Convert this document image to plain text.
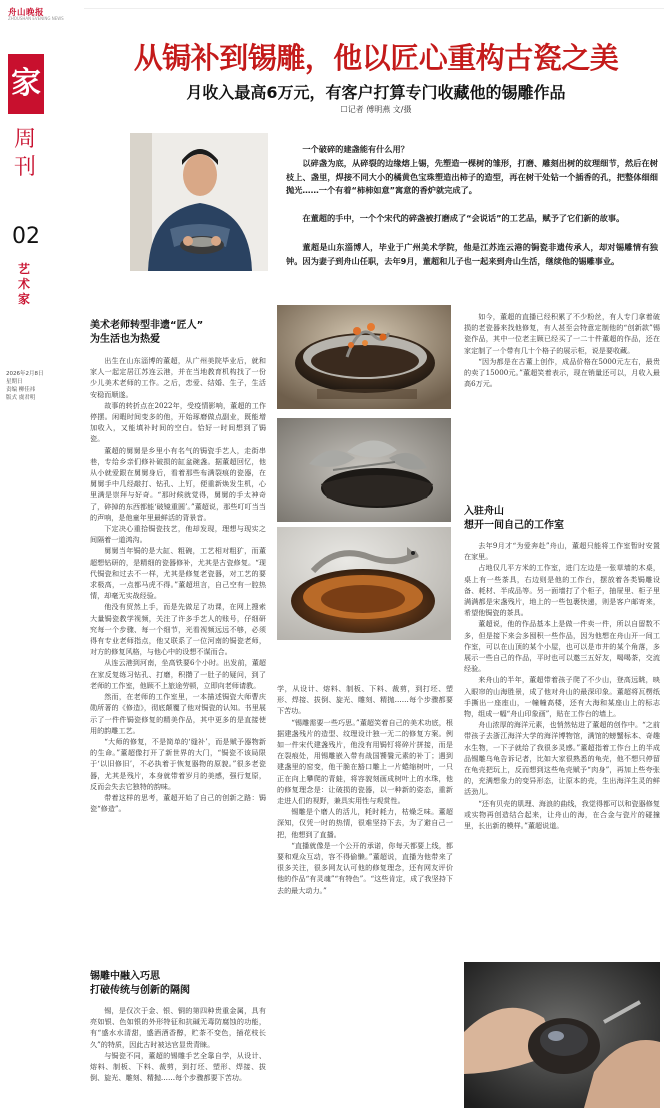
舟山晚报
ZHOUSHAN EVENING NEWS
家
周刊
02
艺术家
2026年2月8日
星期日
责编 柳佳祎
版式 虞君明
从锔补到锡雕，他以匠心重构古瓷之美
月收入最高6万元，有客户打算专门收藏他的锡雕作品
☐记者 傅明燕 文/摄
一个破碎的建盏能有什么用？
以碎盏为底，从碎裂的边缘熔上锡，先塑造一棵树的雏形，打磨、雕刻出树的纹理细节，然后在树枝上、盏里，焊接不同大小的橘黄色宝珠塑造出柿子的造型，再在树干处钻一个插香的孔，把整体细细抛光……一个有着“柿柿如意”寓意的香炉就完成了。
在董超的手中，一个个宋代的碎盏被打磨成了“会说话”的工艺品，赋予了它们新的故事。
董超是山东淄博人，毕业于广州美术学院，他是江苏连云港的锔瓷非遗传承人，却对锡雕情有独钟。因为妻子到舟山任职，去年9月，董超和儿子也一起来到舟山生活，继续他的锡雕事业。
美术老师转型非遗“匠人”
为生活也为热爱

出生在山东淄博的董超，从广州美院毕业后，就和家人一起定居江苏连云港，并在当地教育机构找了一份少儿美术老师的工作。之后，恋爱、结婚、生子，生活安稳而顺遂。

故事的转折点在2022年，受疫情影响，董超的工作停摆。闲暇时间变多的他，开始琢磨做点副业，既能增加收入，又能填补时间的空白。恰好一时间想到了锔瓷。

董超的舅舅是乡里小有名气的锔瓷手艺人，走街串巷，专给乡亲们修补破损的缸盆碗盏。据董超回忆，他从小就爱跟在舅舅身后，看着那些布满裂痕的瓷器，在舅舅手中几经敲打、钻孔、上钉，便重新焕发生机，心里满是崇拜与好奇。“那时候就觉得，舅舅的手太神奇了，碎掉的东西都能‘破镜重圆’。”董超说，那些叮叮当当的声响，是他童年里最鲜活的背景音。

下定决心重拾锔瓷技艺，他却发现，理想与现实之间隔着一道鸿沟。

舅舅当年锔的是大缸、粗碗，工艺相对粗犷，而董超想钻研的，是精细的瓷器修补，尤其是古瓷修复。“现代锔瓷和过去不一样，尤其是修复老瓷器，对工艺的要求极高，一点都马虎不得。”董超坦言，自己空有一腔热情，却毫无实战经验。

他没有贸然上手，而是先做足了功课，在网上搜索大量锔瓷教学视频，关注了许多手艺人的账号，仔细研究每一个步骤、每一个细节，光看视频远远不够，必须得有专业老师指点，他又联系了一位河南的锔瓷老师，对方的修复风格，与他心中的设想不谋而合。

从连云港到河南，坐高铁要6个小时。出发前，董超在家反复练习钻孔、打磨，积攒了一肚子的疑问，到了老师的工作室，他顾不上旅途劳顿，立即向老师请教。

然而，在老师的工作室里，一本描述锔瓷大师曹庆勋所著的《修造》，彻底颠覆了他对锔瓷的认知。书里展示了一件件锔瓷修复的精美作品，其中更多的是直接使用的韵雕工艺。

“大师的修复，不是简单的‘缝补’，而是赋予器物新的生命。”董超像打开了新世界的大门，“锔瓷不该局限于‘以旧修旧’，不必执着于恢复器物的原貌。”很多老瓷器，尤其是残片，本身就带着岁月的美感，强行复原，反而会失去它独特的韵味。

带着这样的思考，董超开始了自己的创新之路：锔瓷“修造”。

锡雕中融入巧思
打破传统与创新的隔阂

锡，是仅次于金、银、铜的第四种贵重金属，具有亮如银、色如银的外形特征和抗碱无毒防腐蚀的功能，有“盛水水清甜，盛酒酒香醇，贮茶不变色，插花枝长久”的特质，因此古时被达官显贵青睐。

与锔瓷不同，董超的锡雕手艺全靠自学，从设计、熔料、制板、下料、裁剪，到打坯、塑形、焊接、拔倒、旋光、雕刻、精抛……每个步骤都要下苦功。

学，从设计、熔料、制板、下料、裁剪，到打坯、塑形、焊接、拔倒、旋光、雕刻、精抛……每个步骤都要下苦功。

“锡雕需要一些巧思。”董超笑着自己的美术功底，根据建盏残片的造型、纹理设计独一无二的修复方案。例如一件宋代建盏残片，他没有用锔钉将碎片拼接，而是在裂痕处，用锡雕嵌入带有战国饕餮元素的补丁；遇到建盏里的窑变，他干脆在豁口雕上一片蜷缩树叶，一只正在向上攀爬的青蛙，将容貌刻画成树叶上的水珠，他的修复理念是：让破损的瓷器，以一种新的姿态，重新走进人们的视野，兼具实用性与观赏性。

锡雕是个磨人的活儿，耗时耗力，枯燥乏味。董超深知，仅凭一时的热情，很难坚持下去，为了避自己一把，他想到了直播。

“直播就像是一个公开的承诺，你每天都要上线，都要和观众互动，容不得偷懒。”董超说，直播为他带来了很多关注，很多网友认可他的修复理念，还有网友评价他的作品“有灵魂”“有特色”。“这些肯定，成了我坚持下去的最大动力。”

如今，董超的直播已经积累了不少粉丝，有人专门拿着破损的老瓷器来找他修复，有人甚至会特意定制他的“创新款”锡瓷作品，其中一位老主顾已经买了一二十件董超的作品，还在家定制了一个带有几十个格子的展示柜，说是要收藏。

“因为都是在古董上创作，成品价格在5000元左右，最贵的卖了15000元。”董超笑着表示，现在销量还可以，月收入最高6万元。

入驻舟山
想开一间自己的工作室

去年9月才“为爱奔赴”舟山，董超只能将工作室暂时安置在家里。

占地仅几平方米的工作室，进门左边是一张草墙的木桌，桌上有一些茶具，右边则是他的工作台，摆放着各类锔雕设备、耗材、半成品等。另一面墙打了个柜子，抽屉里、柜子里满满都是宋盏残片，地上的一些包裹快递，则是客户邮寄来，希望他锔瓷的茶具。

董超说，他的作品基本上是做一件卖一件，所以自留数不多，但是接下来会多囤积一些作品，因为他想在舟山开一间工作室，可以在山顶的某个小屋，也可以是市井的某个角落，多展示一些自己的作品，平时也可以邀三五好友，喝喝茶，交流经验。

来舟山的半年，董超带着孩子爬了不少山，登高远眺，映入眼帘的山海胜景，成了他对舟山的最深印象。董超将瓦楞纸手撕出一座座山，一幢幢高楼，还有大海和某座山上的标志物，组成一幅“舟山印象画”，贴在工作台的墙上。

舟山浓厚的海洋元素，也悄然钻进了董超的创作中。“之前带孩子去浙江海洋大学的海洋博物馆，满馆的螃蟹标本、奇趣水生物，一下子就给了我很多灵感。”董超指着工作台上的半成品锡雕乌龟告诉记者，比如大家很熟悉的龟壳，他不想只停留在龟壳把玩上，反而想到这些龟壳赋予“肉身”，再加上些夸张的，充满想象力的变异形态，让原本的壳，生出海洋生灵的鲜活劲儿。

“还有贝壳的肌理、海浪的曲线，我觉得都可以和瓷器修复或实物再创造结合起来，让舟山的海，在合金与瓷片的碰撞里，长出新的模样。”董超说道。
